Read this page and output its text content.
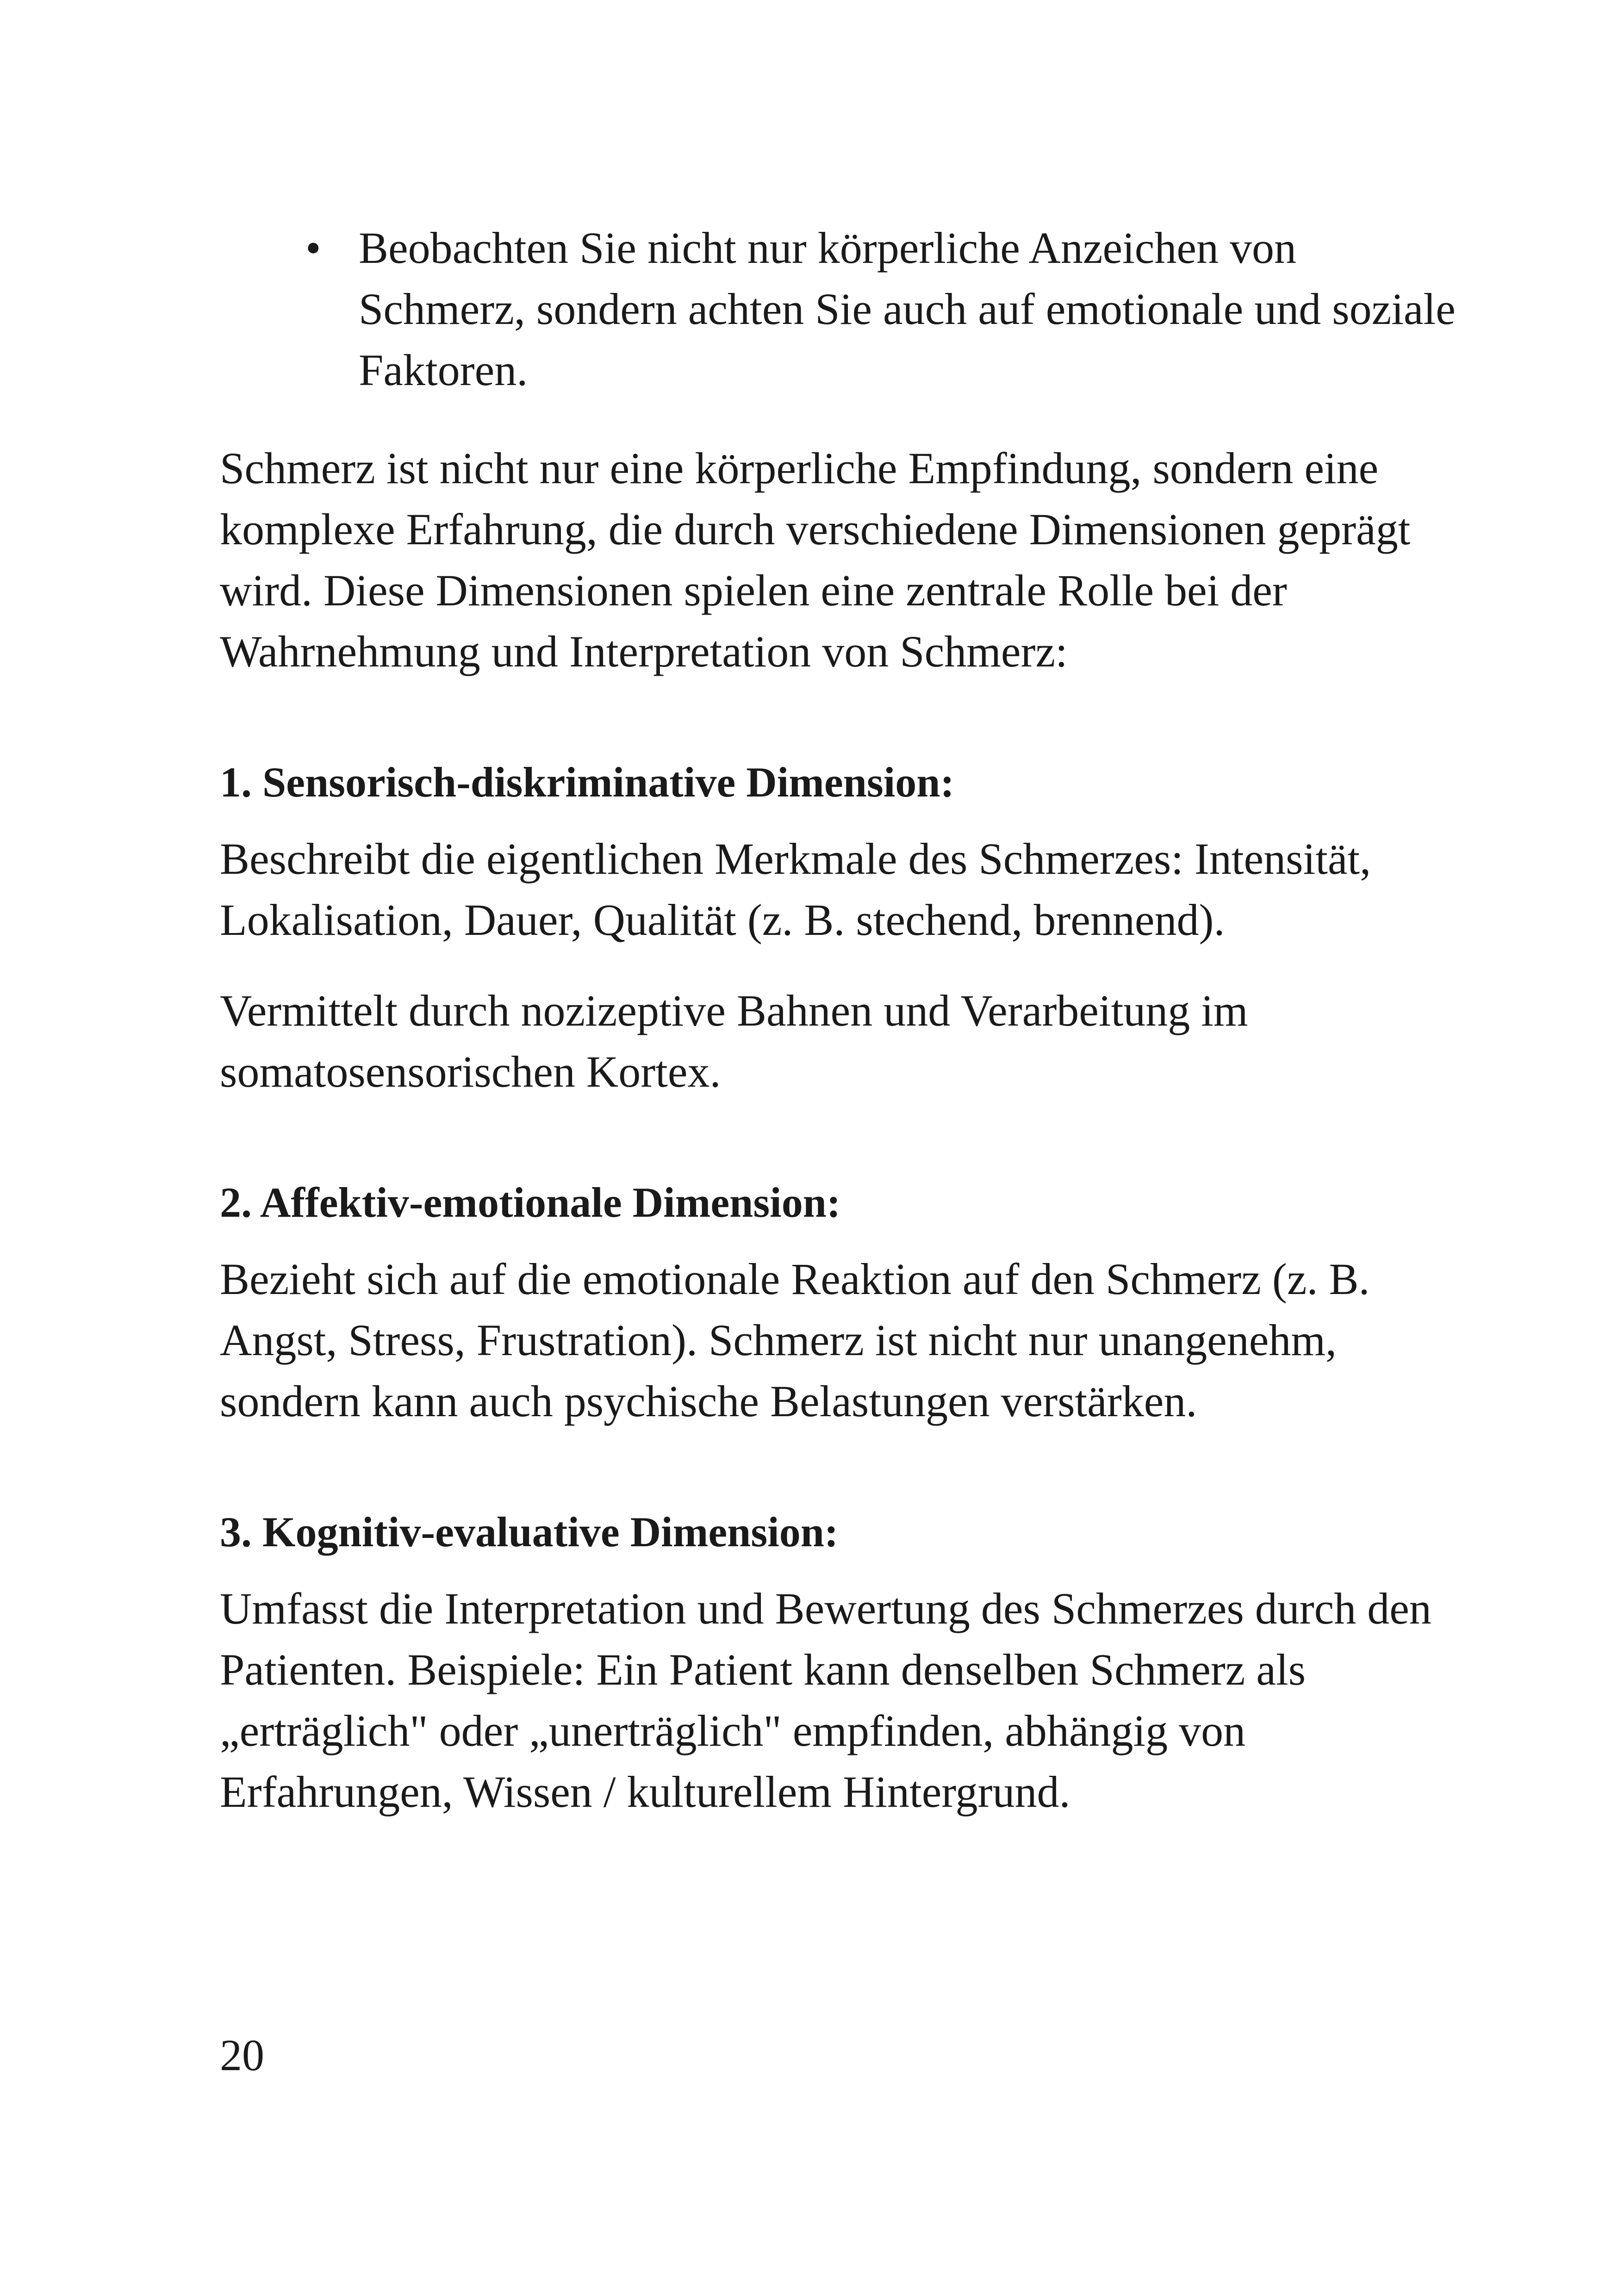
• Beobachten Sie nicht nur körperliche Anzeichen von Schmerz, sondern achten Sie auch auf emotionale und soziale Faktoren.

Schmerz ist nicht nur eine körperliche Empfindung, sondern eine komplexe Erfahrung, die durch verschiedene Dimensionen geprägt wird. Diese Dimensionen spielen eine zentrale Rolle bei der Wahrnehmung und Interpretation von Schmerz:

1. Sensorisch-diskriminative Dimension:

Beschreibt die eigentlichen Merkmale des Schmerzes: Intensität, Lokalisation, Dauer, Qualität (z. B. stechend, brennend).

Vermittelt durch nozizeptive Bahnen und Verarbeitung im somatosensorischen Kortex.

2. Affektiv-emotionale Dimension:

Bezieht sich auf die emotionale Reaktion auf den Schmerz (z. B. Angst, Stress, Frustration). Schmerz ist nicht nur unangenehm, sondern kann auch psychische Belastungen verstärken.

3. Kognitiv-evaluative Dimension:

Umfasst die Interpretation und Bewertung des Schmerzes durch den Patienten. Beispiele: Ein Patient kann denselben Schmerz als „erträglich" oder „unerträglich" empfinden, abhängig von Erfahrungen, Wissen / kulturellem Hintergrund.

20
